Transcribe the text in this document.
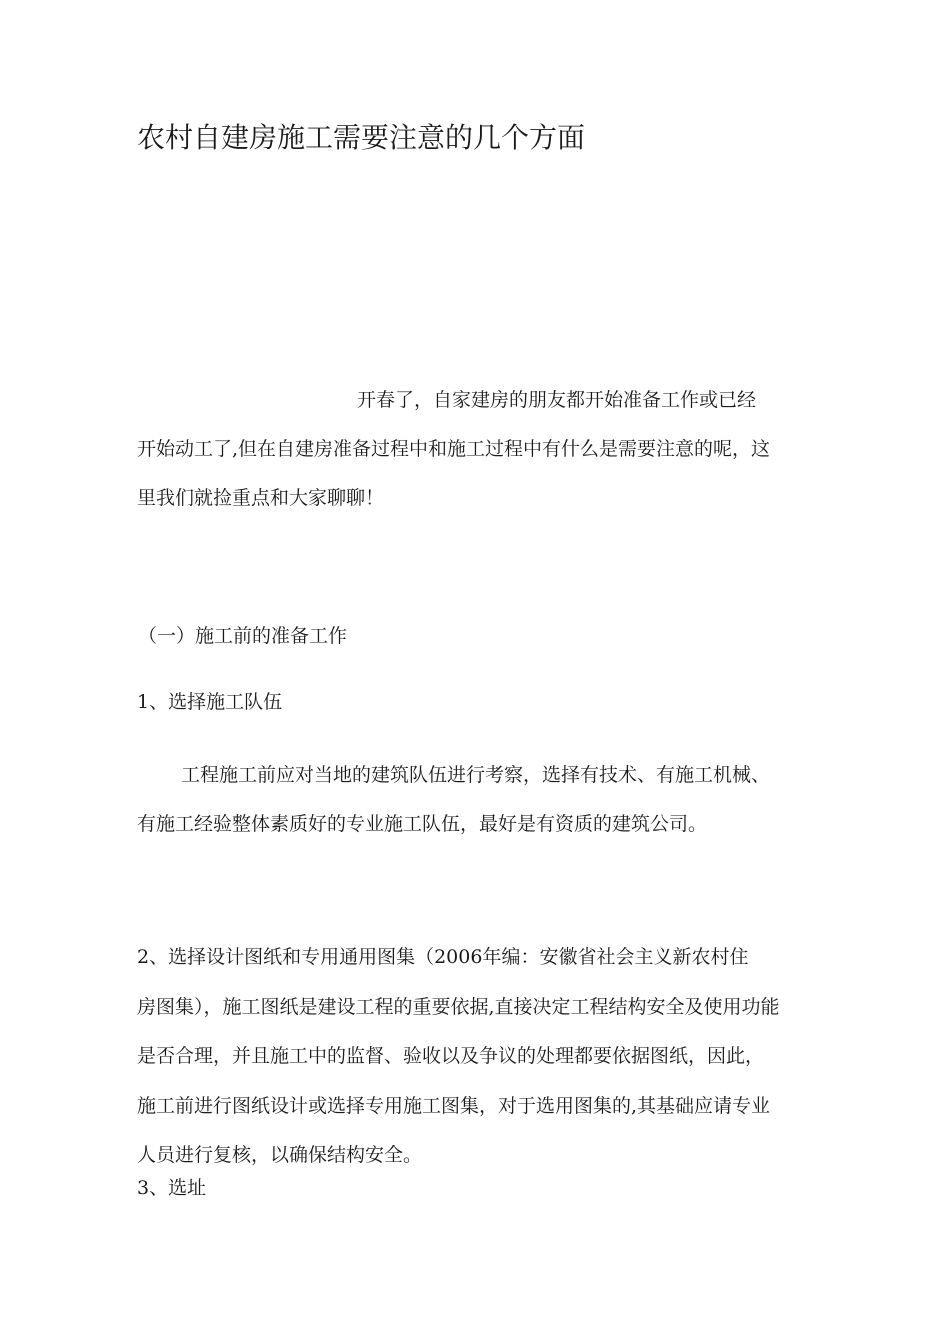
农村自建房施工需要注意的几个方面
开春了，自家建房的朋友都开始准备工作或已经
开始动工了,但在自建房准备过程中和施工过程中有什么是需要注意的呢，这
里我们就捡重点和大家聊聊！
（一）施工前的准备工作
1、选择施工队伍
工程施工前应对当地的建筑队伍进行考察，选择有技术、有施工机械、
有施工经验整体素质好的专业施工队伍，最好是有资质的建筑公司。
2、选择设计图纸和专用通用图集（2006年编：安徽省社会主义新农村住
房图集），施工图纸是建设工程的重要依据,直接决定工程结构安全及使用功能
是否合理，并且施工中的监督、验收以及争议的处理都要依据图纸，因此，
施工前进行图纸设计或选择专用施工图集，对于选用图集的,其基础应请专业
人员进行复核，以确保结构安全。
3、选址
